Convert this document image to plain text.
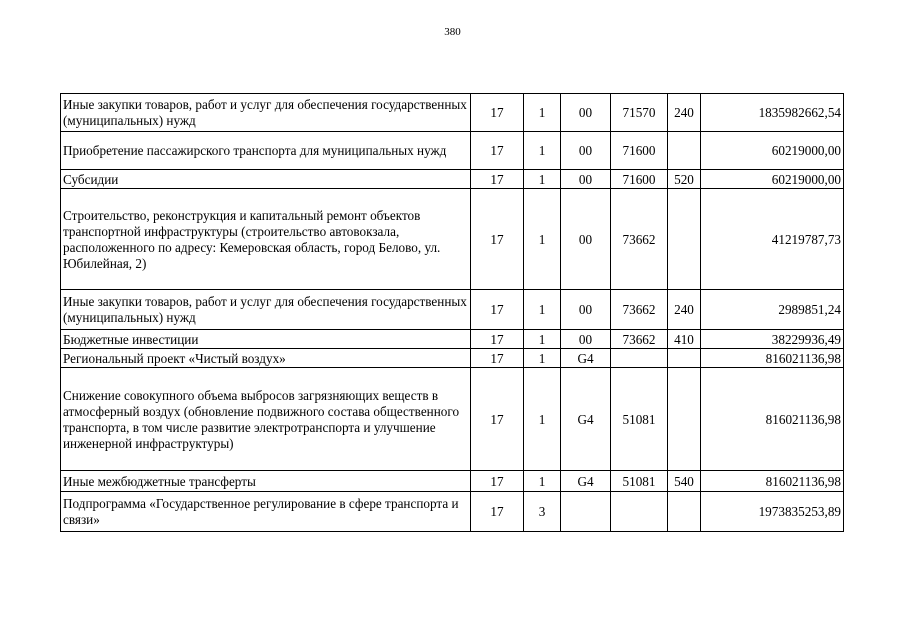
380
Иные закупки товаров, работ и услуг для обеспечения государственных (муниципальных) нужд	17	1	00	71570	240	1835982662,54
Приобретение пассажирского транспорта для муниципальных нужд	17	1	00	71600		60219000,00
Субсидии	17	1	00	71600	520	60219000,00
Строительство, реконструкция и капитальный ремонт объектов транспортной инфраструктуры (строительство автовокзала, расположенного по адресу: Кемеровская область, город Белово, ул. Юбилейная, 2)	17	1	00	73662		41219787,73
Иные закупки товаров, работ и услуг для обеспечения государственных (муниципальных) нужд	17	1	00	73662	240	2989851,24
Бюджетные инвестиции	17	1	00	73662	410	38229936,49
Региональный проект «Чистый воздух»	17	1	G4			816021136,98
Снижение совокупного объема выбросов загрязняющих веществ в атмосферный воздух (обновление подвижного состава общественного транспорта, в том числе развитие электротранспорта и улучшение инженерной инфраструктуры)	17	1	G4	51081		816021136,98
Иные межбюджетные трансферты	17	1	G4	51081	540	816021136,98
Подпрограмма «Государственное регулирование в сфере транспорта и связи»	17	3				1973835253,89
